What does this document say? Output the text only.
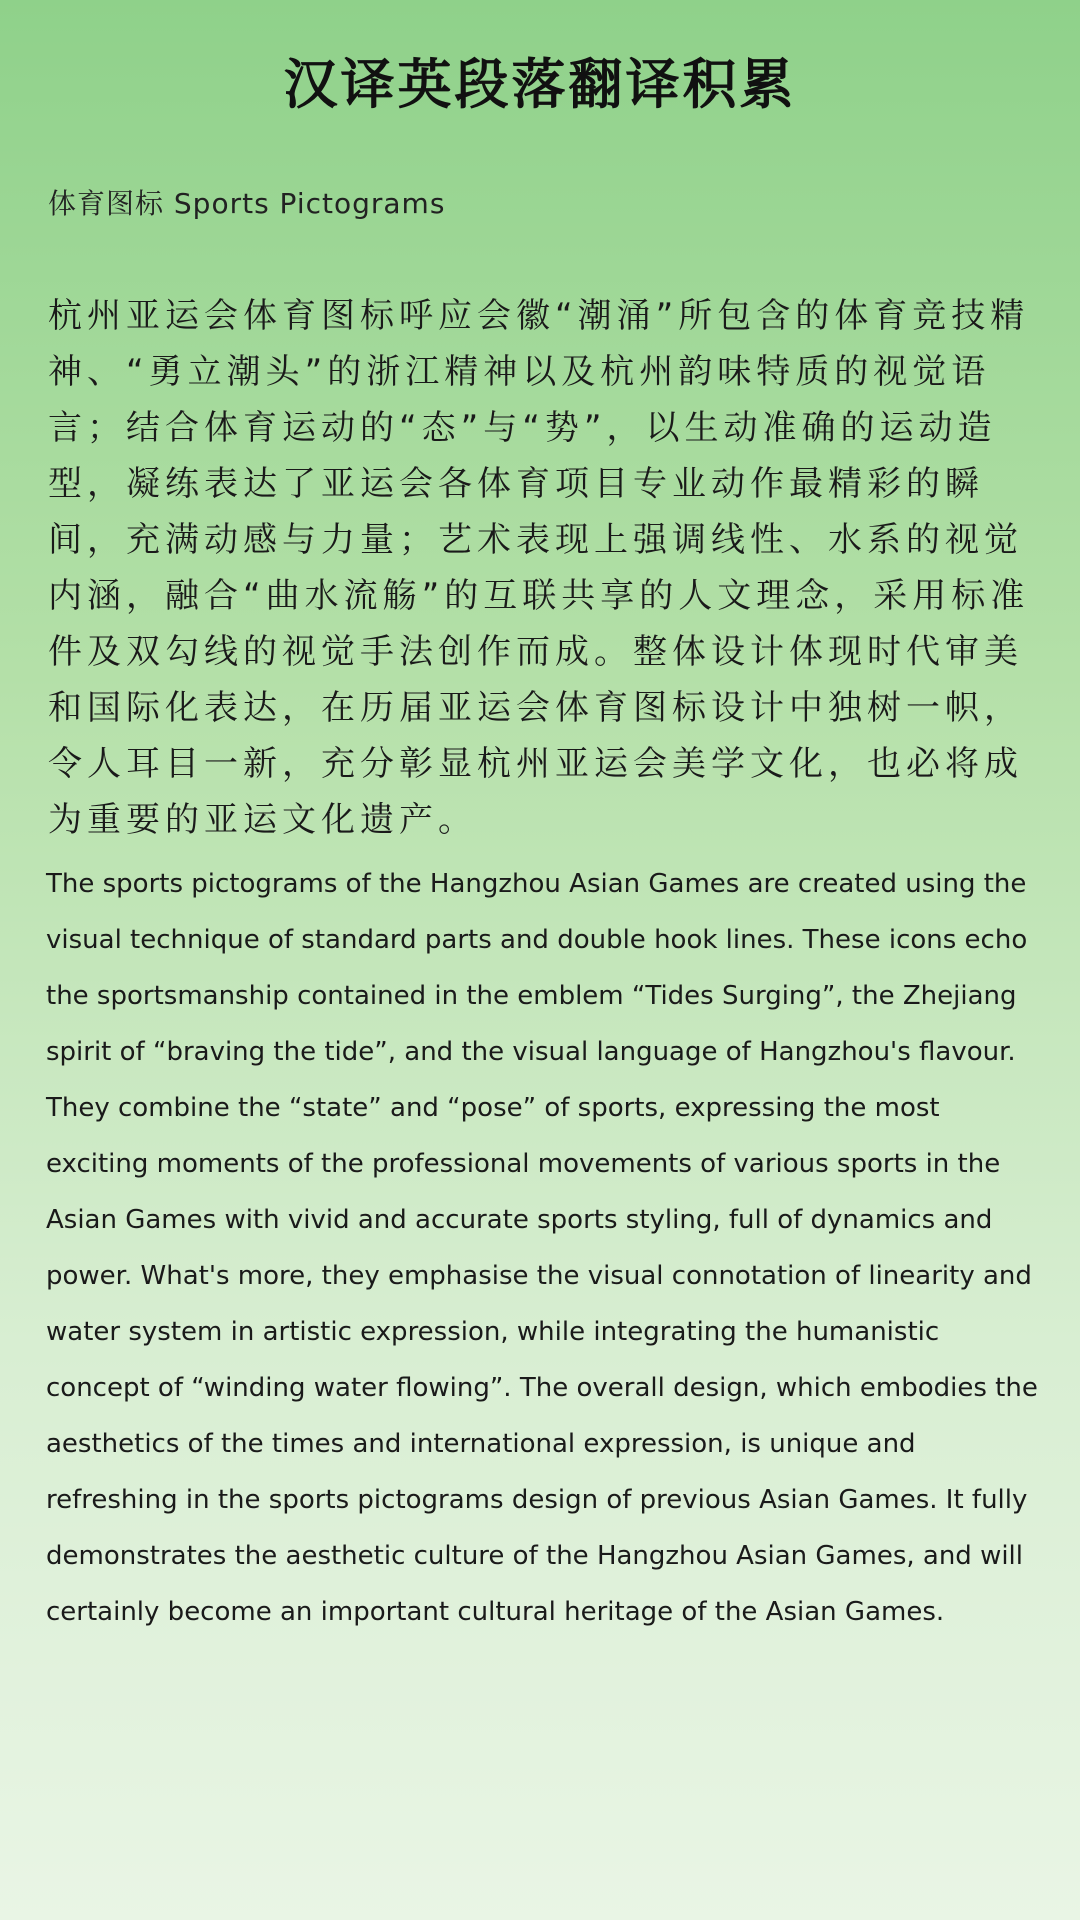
汉译英段落翻译积累
体育图标 Sports Pictograms
杭州亚运会体育图标呼应会徽“潮涌”所包含的体育竞技精神、“勇立潮头”的浙江精神以及杭州韵味特质的视觉语言；结合体育运动的“态”与“势”，以生动准确的运动造型，凝练表达了亚运会各体育项目专业动作最精彩的瞬间，充满动感与力量；艺术表现上强调线性、水系的视觉内涵，融合“曲水流觞”的互联共享的人文理念，采用标准件及双勾线的视觉手法创作而成。整体设计体现时代审美和国际化表达，在历届亚运会体育图标设计中独树一帜，令人耳目一新，充分彰显杭州亚运会美学文化，也必将成为重要的亚运文化遗产。
The sports pictograms of the Hangzhou Asian Games are created using the visual technique of standard parts and double hook lines. These icons echo the sportsmanship contained in the emblem “Tides Surging”, the Zhejiang spirit of “braving the tide”, and the visual language of Hangzhou's flavour. They combine the “state” and “pose” of sports, expressing the most exciting moments of the professional movements of various sports in the Asian Games with vivid and accurate sports styling, full of dynamics and power. What's more, they emphasise the visual connotation of linearity and water system in artistic expression, while integrating the humanistic concept of “winding water flowing”. The overall design, which embodies the aesthetics of the times and international expression, is unique and refreshing in the sports pictograms design of previous Asian Games. It fully demonstrates the aesthetic culture of the Hangzhou Asian Games, and will certainly become an important cultural heritage of the Asian Games.
